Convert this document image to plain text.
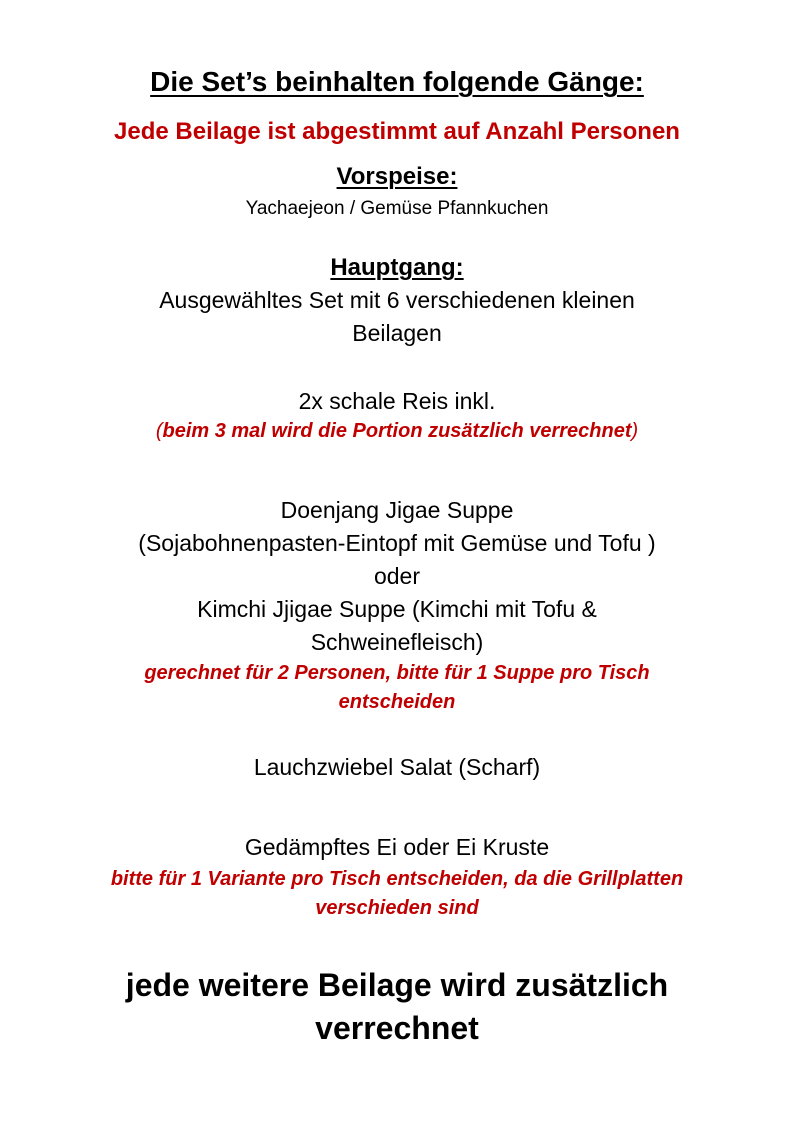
Die Set’s beinhalten folgende Gänge:

Jede Beilage ist abgestimmt auf Anzahl Personen

Vorspeise:

Yachaejeon / Gemüse Pfannkuchen

Hauptgang:

Ausgewähltes Set mit 6 verschiedenen kleinen

Beilagen

2x schale Reis inkl.

(beim 3 mal wird die Portion zusätzlich verrechnet)

Doenjang Jigae Suppe

(Sojabohnenpasten-Eintopf mit Gemüse und Tofu )

oder

Kimchi Jjigae Suppe (Kimchi mit Tofu &

Schweinefleisch)

gerechnet für 2 Personen, bitte für 1 Suppe pro Tisch

entscheiden

Lauchzwiebel Salat (Scharf)

Gedämpftes Ei oder Ei Kruste

bitte für 1 Variante pro Tisch entscheiden, da die Grillplatten

verschieden sind

jede weitere Beilage wird zusätzlich

verrechnet
